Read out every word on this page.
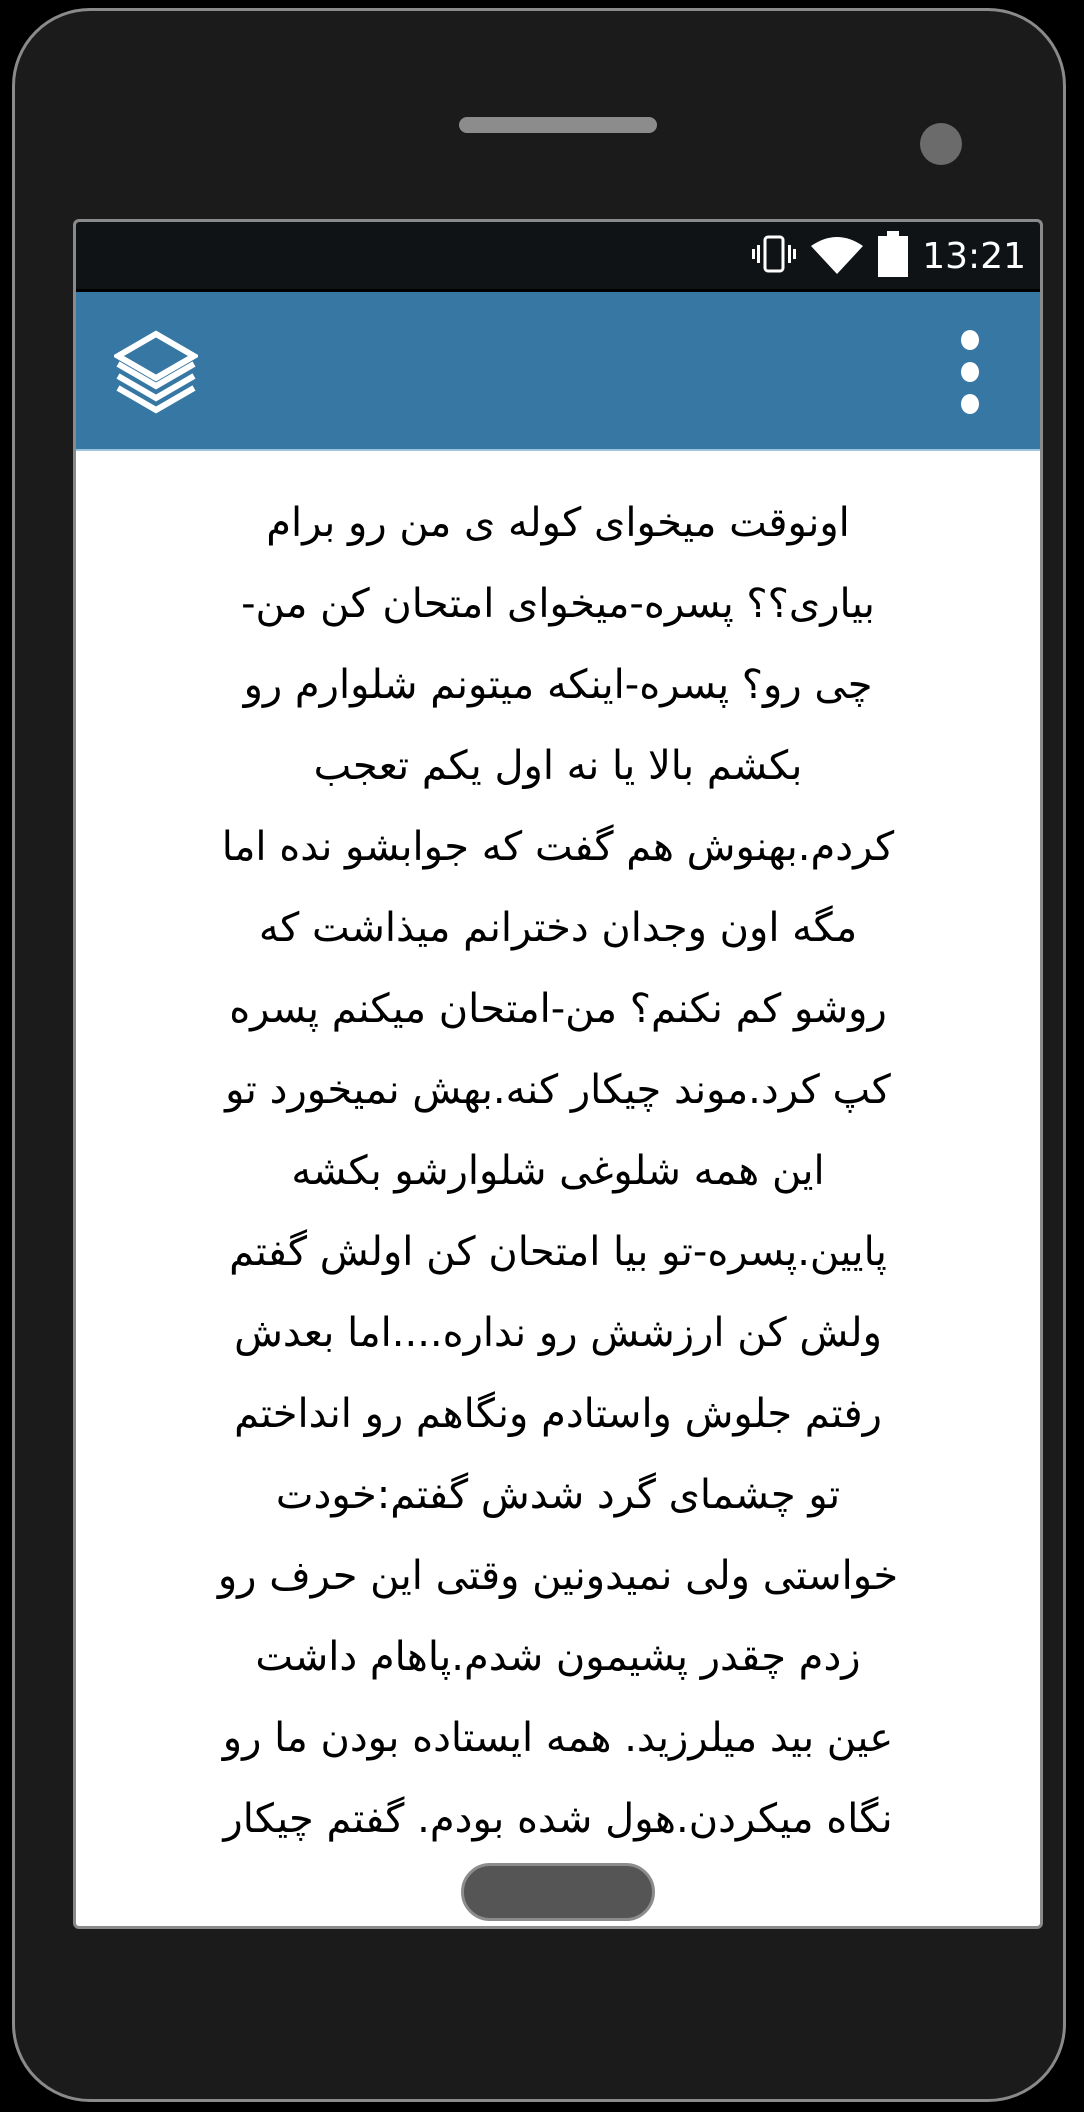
13:21

اونوقت میخوای کوله ی من رو برام
بیاری؟؟ پسره-میخوای امتحان کن من-
چی رو؟ پسره-اینکه میتونم شلوارم رو
بکشم بالا یا نه اول یکم تعجب
کردم.بهنوش هم گفت که جوابشو نده اما
مگه اون وجدان دخترانم میذاشت که
روشو کم نکنم؟ من-امتحان میکنم پسره
کپ کرد.موند چیکار کنه.بهش نمیخورد تو
این همه شلوغی شلوارشو بکشه
پایین.پسره-تو بیا امتحان کن اولش گفتم
ولش کن ارزشش رو نداره....اما بعدش
رفتم جلوش واستادم ونگاهم رو انداختم
تو چشمای گرد شدش گفتم:خودت
خواستی ولی نمیدونین وقتی این حرف رو
زدم چقدر پشیمون شدم.پاهام داشت
عین بید میلرزید. همه ایستاده بودن ما رو
نگاه میکردن.هول شده بودم. گفتم چیکار
